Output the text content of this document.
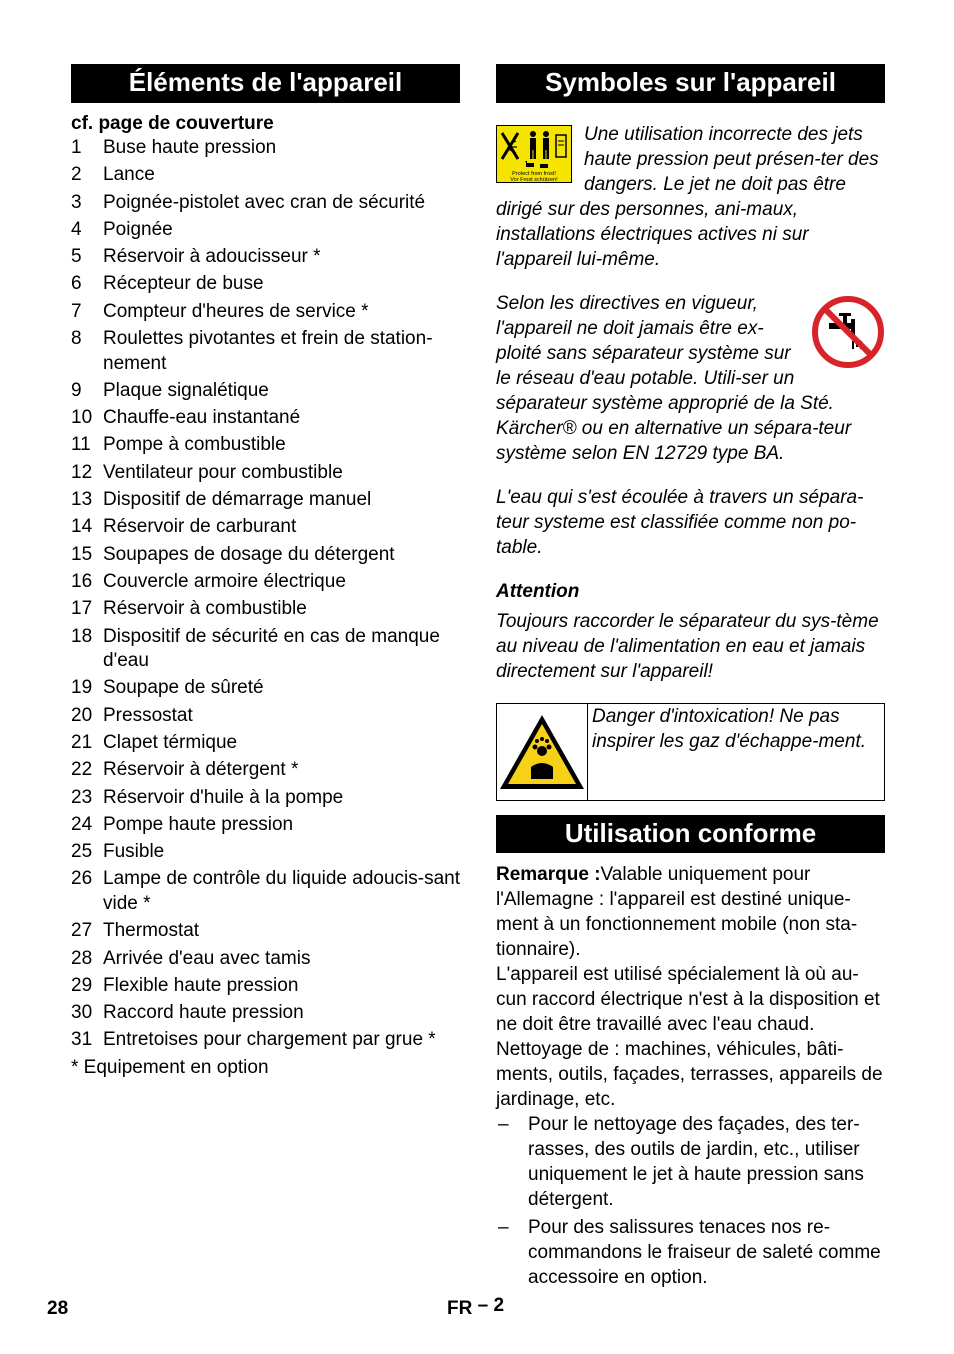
Éléments de l'appareil
cf. page de couverture
1 Buse haute pression
2 Lance
3 Poignée-pistolet avec cran de sécurité
4 Poignée
5 Réservoir à adoucisseur *
6 Récepteur de buse
7 Compteur d'heures de service *
8 Roulettes pivotantes et frein de station-nement
9 Plaque signalétique
10 Chauffe-eau instantané
11 Pompe à combustible
12 Ventilateur pour combustible
13 Dispositif de démarrage manuel
14 Réservoir de carburant
15 Soupapes de dosage du détergent
16 Couvercle armoire électrique
17 Réservoir à combustible
18 Dispositif de sécurité en cas de manque d'eau
19 Soupape de sûreté
20 Pressostat
21 Clapet térmique
22 Réservoir à détergent *
23 Réservoir d'huile à la pompe
24 Pompe haute pression
25 Fusible
26 Lampe de contrôle du liquide adoucis-sant vide *
27 Thermostat
28 Arrivée d'eau avec tamis
29 Flexible haute pression
30 Raccord haute pression
31 Entretoises pour chargement par grue *
* Equipement en option
Symboles sur l'appareil
Protect from frost!
Vor Frost schützen!

Une utilisation incorrecte des jets haute pression peut présen-ter des dangers. Le jet ne doit pas être dirigé sur des personnes, ani-maux, installations électriques actives ni sur l'appareil lui-même.

Selon les directives en vigueur, l'appareil ne doit jamais être ex-ploité sans séparateur système sur le réseau d'eau potable. Utili-ser un séparateur système approprié de la Sté. Kärcher® ou en alternative un sépara-teur système selon EN 12729 type BA.

L'eau qui s'est écoulée à travers un sépara-teur systeme est classifiée comme non po-table.

Attention

Toujours raccorder le séparateur du sys-tème au niveau de l'alimentation en eau et jamais directement sur l'appareil!

Danger d'intoxication! Ne pas inspirer les gaz d'échappe-ment.
Utilisation conforme

Remarque :Valable uniquement pour l'Allemagne : l'appareil est destiné unique-ment à un fonctionnement mobile (non sta-tionnaire).

L'appareil est utilisé spécialement là où au-cun raccord électrique n'est à la disposition et ne doit être travaillé avec l'eau chaud.

Nettoyage de : machines, véhicules, bâti-ments, outils, façades, terrasses, appareils de jardinage, etc.

– Pour le nettoyage des façades, des ter-rasses, des outils de jardin, etc., utiliser uniquement le jet à haute pression sans détergent.
– Pour des salissures tenaces nos re-commandons le fraiseur de saleté comme accessoire en option.
28	FR – 2
